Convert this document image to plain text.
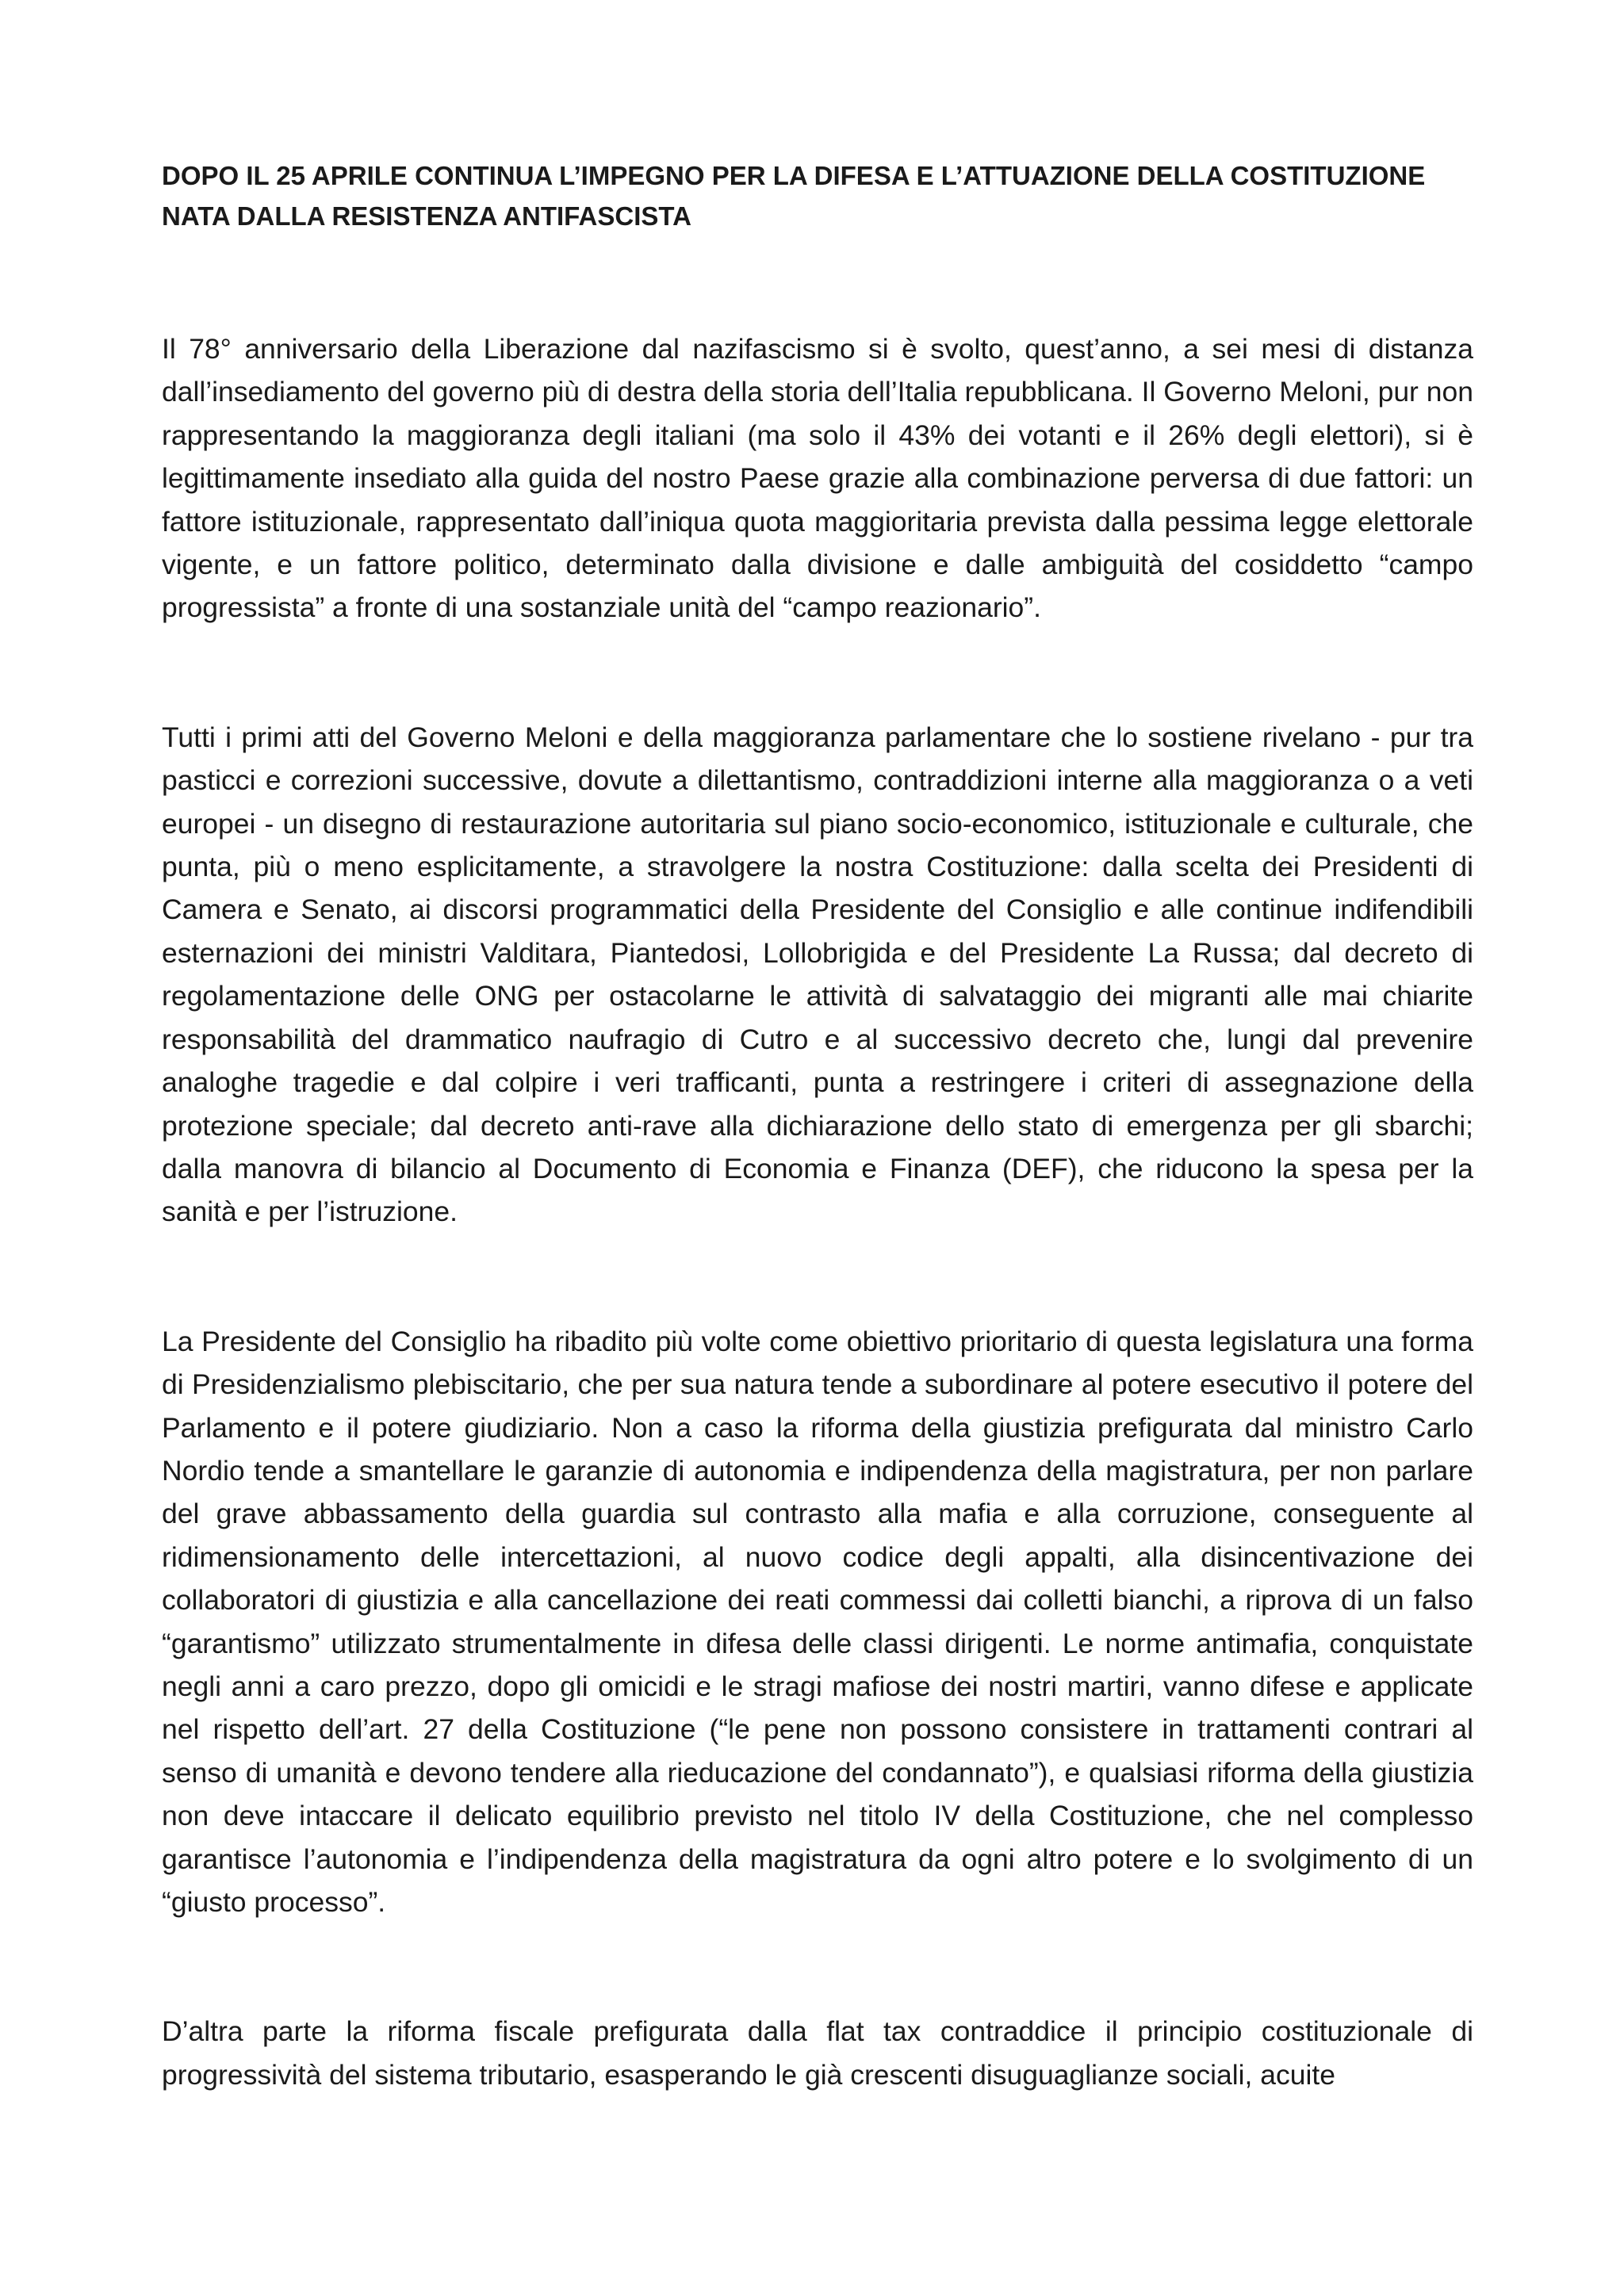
DOPO IL 25 APRILE CONTINUA L’IMPEGNO PER LA DIFESA E L’ATTUAZIONE DELLA COSTITUZIONE NATA DALLA RESISTENZA ANTIFASCISTA

Il 78° anniversario della Liberazione dal nazifascismo si è svolto, quest’anno, a sei mesi di distanza dall’insediamento del governo più di destra della storia dell’Italia repubblicana. Il Governo Meloni, pur non rappresentando la maggioranza degli italiani (ma solo il 43% dei votanti e il 26% degli elettori), si è legittimamente insediato alla guida del nostro Paese grazie alla combinazione perversa di due fattori: un fattore istituzionale, rappresentato dall’iniqua quota maggioritaria prevista dalla pessima legge elettorale vigente, e un fattore politico, determinato dalla divisione e dalle ambiguità del cosiddetto “campo progressista” a fronte di una sostanziale unità del “campo reazionario”.

Tutti i primi atti del Governo Meloni e della maggioranza parlamentare che lo sostiene rivelano - pur tra pasticci e correzioni successive, dovute a dilettantismo, contraddizioni interne alla maggioranza o a veti europei - un disegno di restaurazione autoritaria sul piano socio-economico, istituzionale e culturale, che punta, più o meno esplicitamente, a stravolgere la nostra Costituzione: dalla scelta dei Presidenti di Camera e Senato, ai discorsi programmatici della Presidente del Consiglio e alle continue indifendibili esternazioni dei ministri Valditara, Piantedosi, Lollobrigida e del Presidente La Russa; dal decreto di regolamentazione delle ONG per ostacolarne le attività di salvataggio dei migranti alle mai chiarite responsabilità del drammatico naufragio di Cutro e al successivo decreto che, lungi dal prevenire analoghe tragedie e dal colpire i veri trafficanti, punta a restringere i criteri di assegnazione della protezione speciale; dal decreto anti-rave alla dichiarazione dello stato di emergenza per gli sbarchi; dalla manovra di bilancio al Documento di Economia e Finanza (DEF), che riducono la spesa per la sanità e per l’istruzione.

La Presidente del Consiglio ha ribadito più volte come obiettivo prioritario di questa legislatura una forma di Presidenzialismo plebiscitario, che per sua natura tende a subordinare al potere esecutivo il potere del Parlamento e il potere giudiziario. Non a caso la riforma della giustizia prefigurata dal ministro Carlo Nordio tende a smantellare le garanzie di autonomia e indipendenza della magistratura, per non parlare del grave abbassamento della guardia sul contrasto alla mafia e alla corruzione, conseguente al ridimensionamento delle intercettazioni, al nuovo codice degli appalti, alla disincentivazione dei collaboratori di giustizia e alla cancellazione dei reati commessi dai colletti bianchi, a riprova di un falso “garantismo” utilizzato strumentalmente in difesa delle classi dirigenti. Le norme antimafia, conquistate negli anni a caro prezzo, dopo gli omicidi e le stragi mafiose dei nostri martiri, vanno difese e applicate nel rispetto dell’art. 27 della Costituzione (“le pene non possono consistere in trattamenti contrari al senso di umanità e devono tendere alla rieducazione del condannato”), e qualsiasi riforma della giustizia non deve intaccare il delicato equilibrio previsto nel titolo IV della Costituzione, che nel complesso garantisce l’autonomia e l’indipendenza della magistratura da ogni altro potere e lo svolgimento di un “giusto processo”.

D’altra parte la riforma fiscale prefigurata dalla flat tax contraddice il principio costituzionale di progressività del sistema tributario, esasperando le già crescenti disuguaglianze sociali, acuite
